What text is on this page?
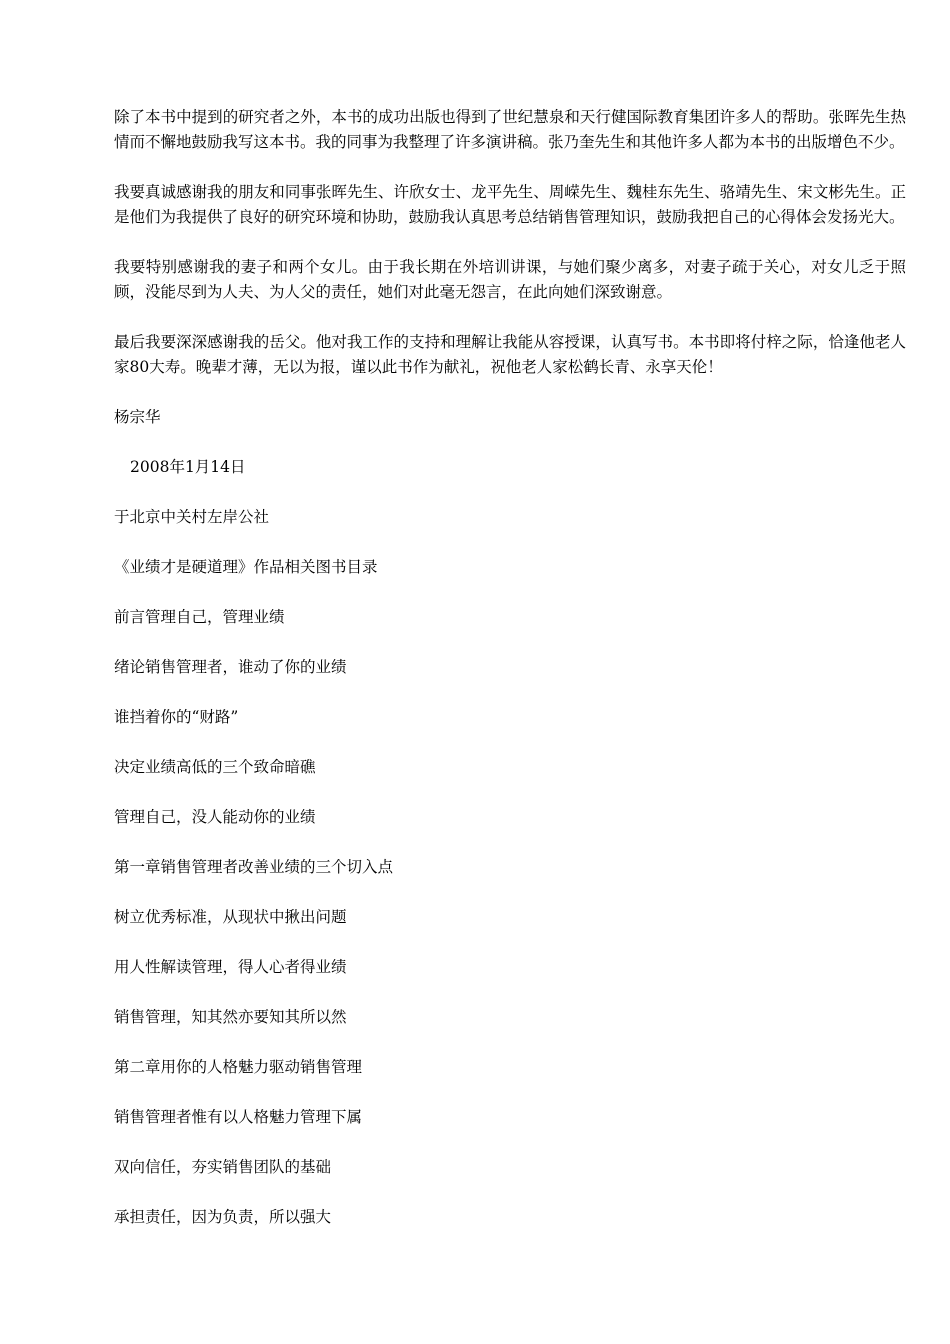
除了本书中提到的研究者之外，本书的成功出版也得到了世纪慧泉和天行健国际教育集团许多人的帮助。张晖先生热情而不懈地鼓励我写这本书。我的同事为我整理了许多演讲稿。张乃奎先生和其他许多人都为本书的出版增色不少。

我要真诚感谢我的朋友和同事张晖先生、许欣女士、龙平先生、周嵘先生、魏桂东先生、骆靖先生、宋文彬先生。正是他们为我提供了良好的研究环境和协助，鼓励我认真思考总结销售管理知识，鼓励我把自己的心得体会发扬光大。

我要特别感谢我的妻子和两个女儿。由于我长期在外培训讲课，与她们聚少离多，对妻子疏于关心，对女儿乏于照顾，没能尽到为人夫、为人父的责任，她们对此毫无怨言，在此向她们深致谢意。

最后我要深深感谢我的岳父。他对我工作的支持和理解让我能从容授课，认真写书。本书即将付梓之际，恰逢他老人家80大寿。晚辈才薄，无以为报，谨以此书作为献礼，祝他老人家松鹤长青、永享天伦！

杨宗华
2008年1月14日
于北京中关村左岸公社
《业绩才是硬道理》作品相关图书目录
前言管理自己，管理业绩
绪论销售管理者，谁动了你的业绩
谁挡着你的“财路”
决定业绩高低的三个致命暗礁
管理自己，没人能动你的业绩
第一章销售管理者改善业绩的三个切入点
树立优秀标准，从现状中揪出问题
用人性解读管理，得人心者得业绩
销售管理，知其然亦要知其所以然
第二章用你的人格魅力驱动销售管理
销售管理者惟有以人格魅力管理下属
双向信任，夯实销售团队的基础
承担责任，因为负责，所以强大
